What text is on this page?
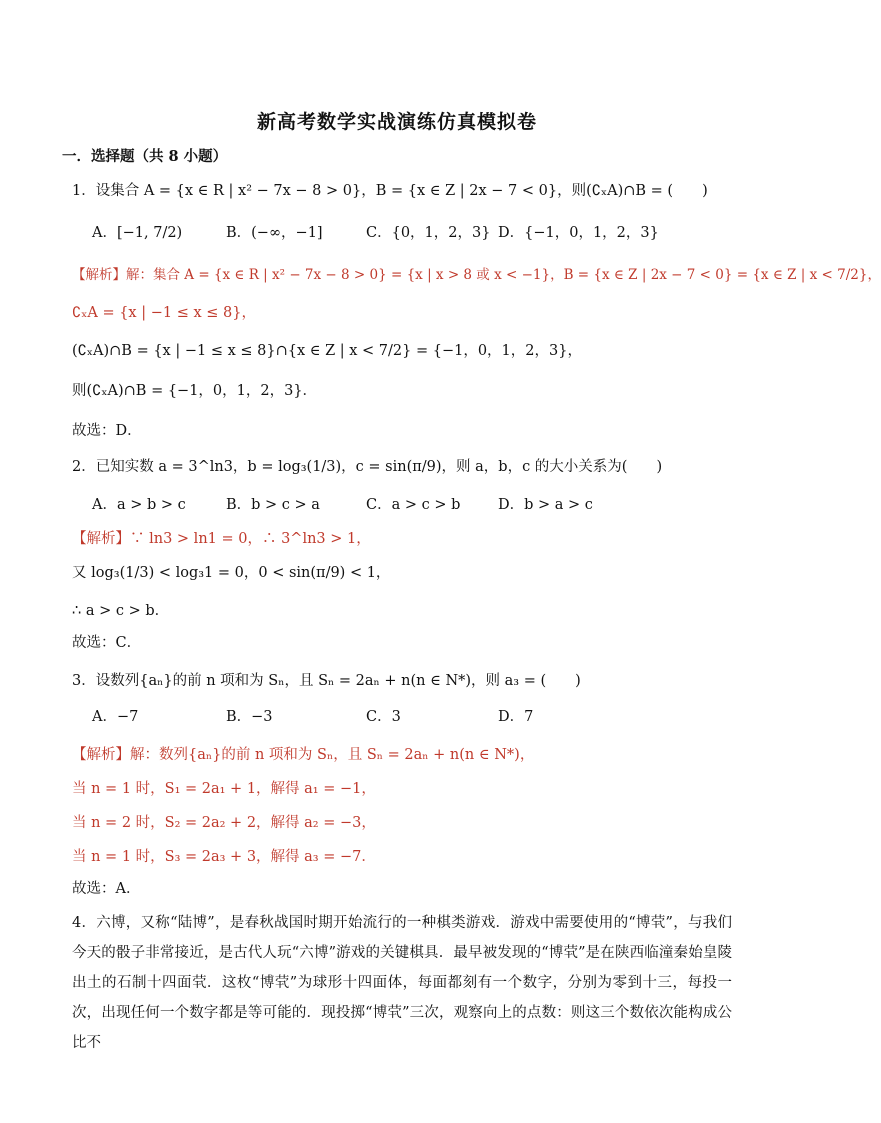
新高考数学实战演练仿真模拟卷
一．选择题（共 8 小题）
1．设集合 A = {x ∈ R | x² − 7x − 8 > 0}，B = {x ∈ Z | 2x − 7 < 0}，则(∁ₓA)∩B = (　　)
A．[−1, 7/2)	B．(−∞，−1]	C．{0，1，2，3} D．{−1，0，1，2，3}
【解析】解：集合 A = {x ∈ R | x² − 7x − 8 > 0} = {x | x > 8 或 x < −1}，B = {x ∈ Z | 2x − 7 < 0} = {x ∈ Z | x < 7/2}，
∁ₓA = {x | −1 ≤ x ≤ 8}，
(∁ₓA)∩B = {x | −1 ≤ x ≤ 8}∩{x ∈ Z | x < 7/2} = {−1，0，1，2，3}，
则(∁ₓA)∩B = {−1，0，1，2，3}．
故选：D．
2．已知实数 a = 3^ln3，b = log₃(1/3)，c = sin(π/9)，则 a，b，c 的大小关系为(　　)
A．a > b > c	B．b > c > a	C．a > c > b	D．b > a > c
【解析】∵ ln3 > ln1 = 0，∴ 3^ln3 > 1，
又 log₃(1/3) < log₃1 = 0，0 < sin(π/9) < 1，
∴ a > c > b．
故选：C．
3．设数列{aₙ}的前 n 项和为 Sₙ，且 Sₙ = 2aₙ + n(n ∈ N*)，则 a₃ = (　　)
A．−7	B．−3	C．3	D．7
【解析】解：数列{aₙ}的前 n 项和为 Sₙ，且 Sₙ = 2aₙ + n(n ∈ N*)，
当 n = 1 时，S₁ = 2a₁ + 1，解得 a₁ = −1，
当 n = 2 时，S₂ = 2a₂ + 2，解得 a₂ = −3，
当 n = 1 时，S₃ = 2a₃ + 3，解得 a₃ = −7．
故选：A．
4．六博，又称“陆博”，是春秋战国时期开始流行的一种棋类游戏．游戏中需要使用的“博茕”，与我们今天的骰子非常接近，是古代人玩“六博”游戏的关键棋具．最早被发现的“博茕”是在陕西临潼秦始皇陵出土的石制十四面茕．这枚“博茕”为球形十四面体，每面都刻有一个数字，分别为零到十三，每投一次，出现任何一个数字都是等可能的．现投掷“博茕”三次，观察向上的点数：则这三个数依次能构成公比不
